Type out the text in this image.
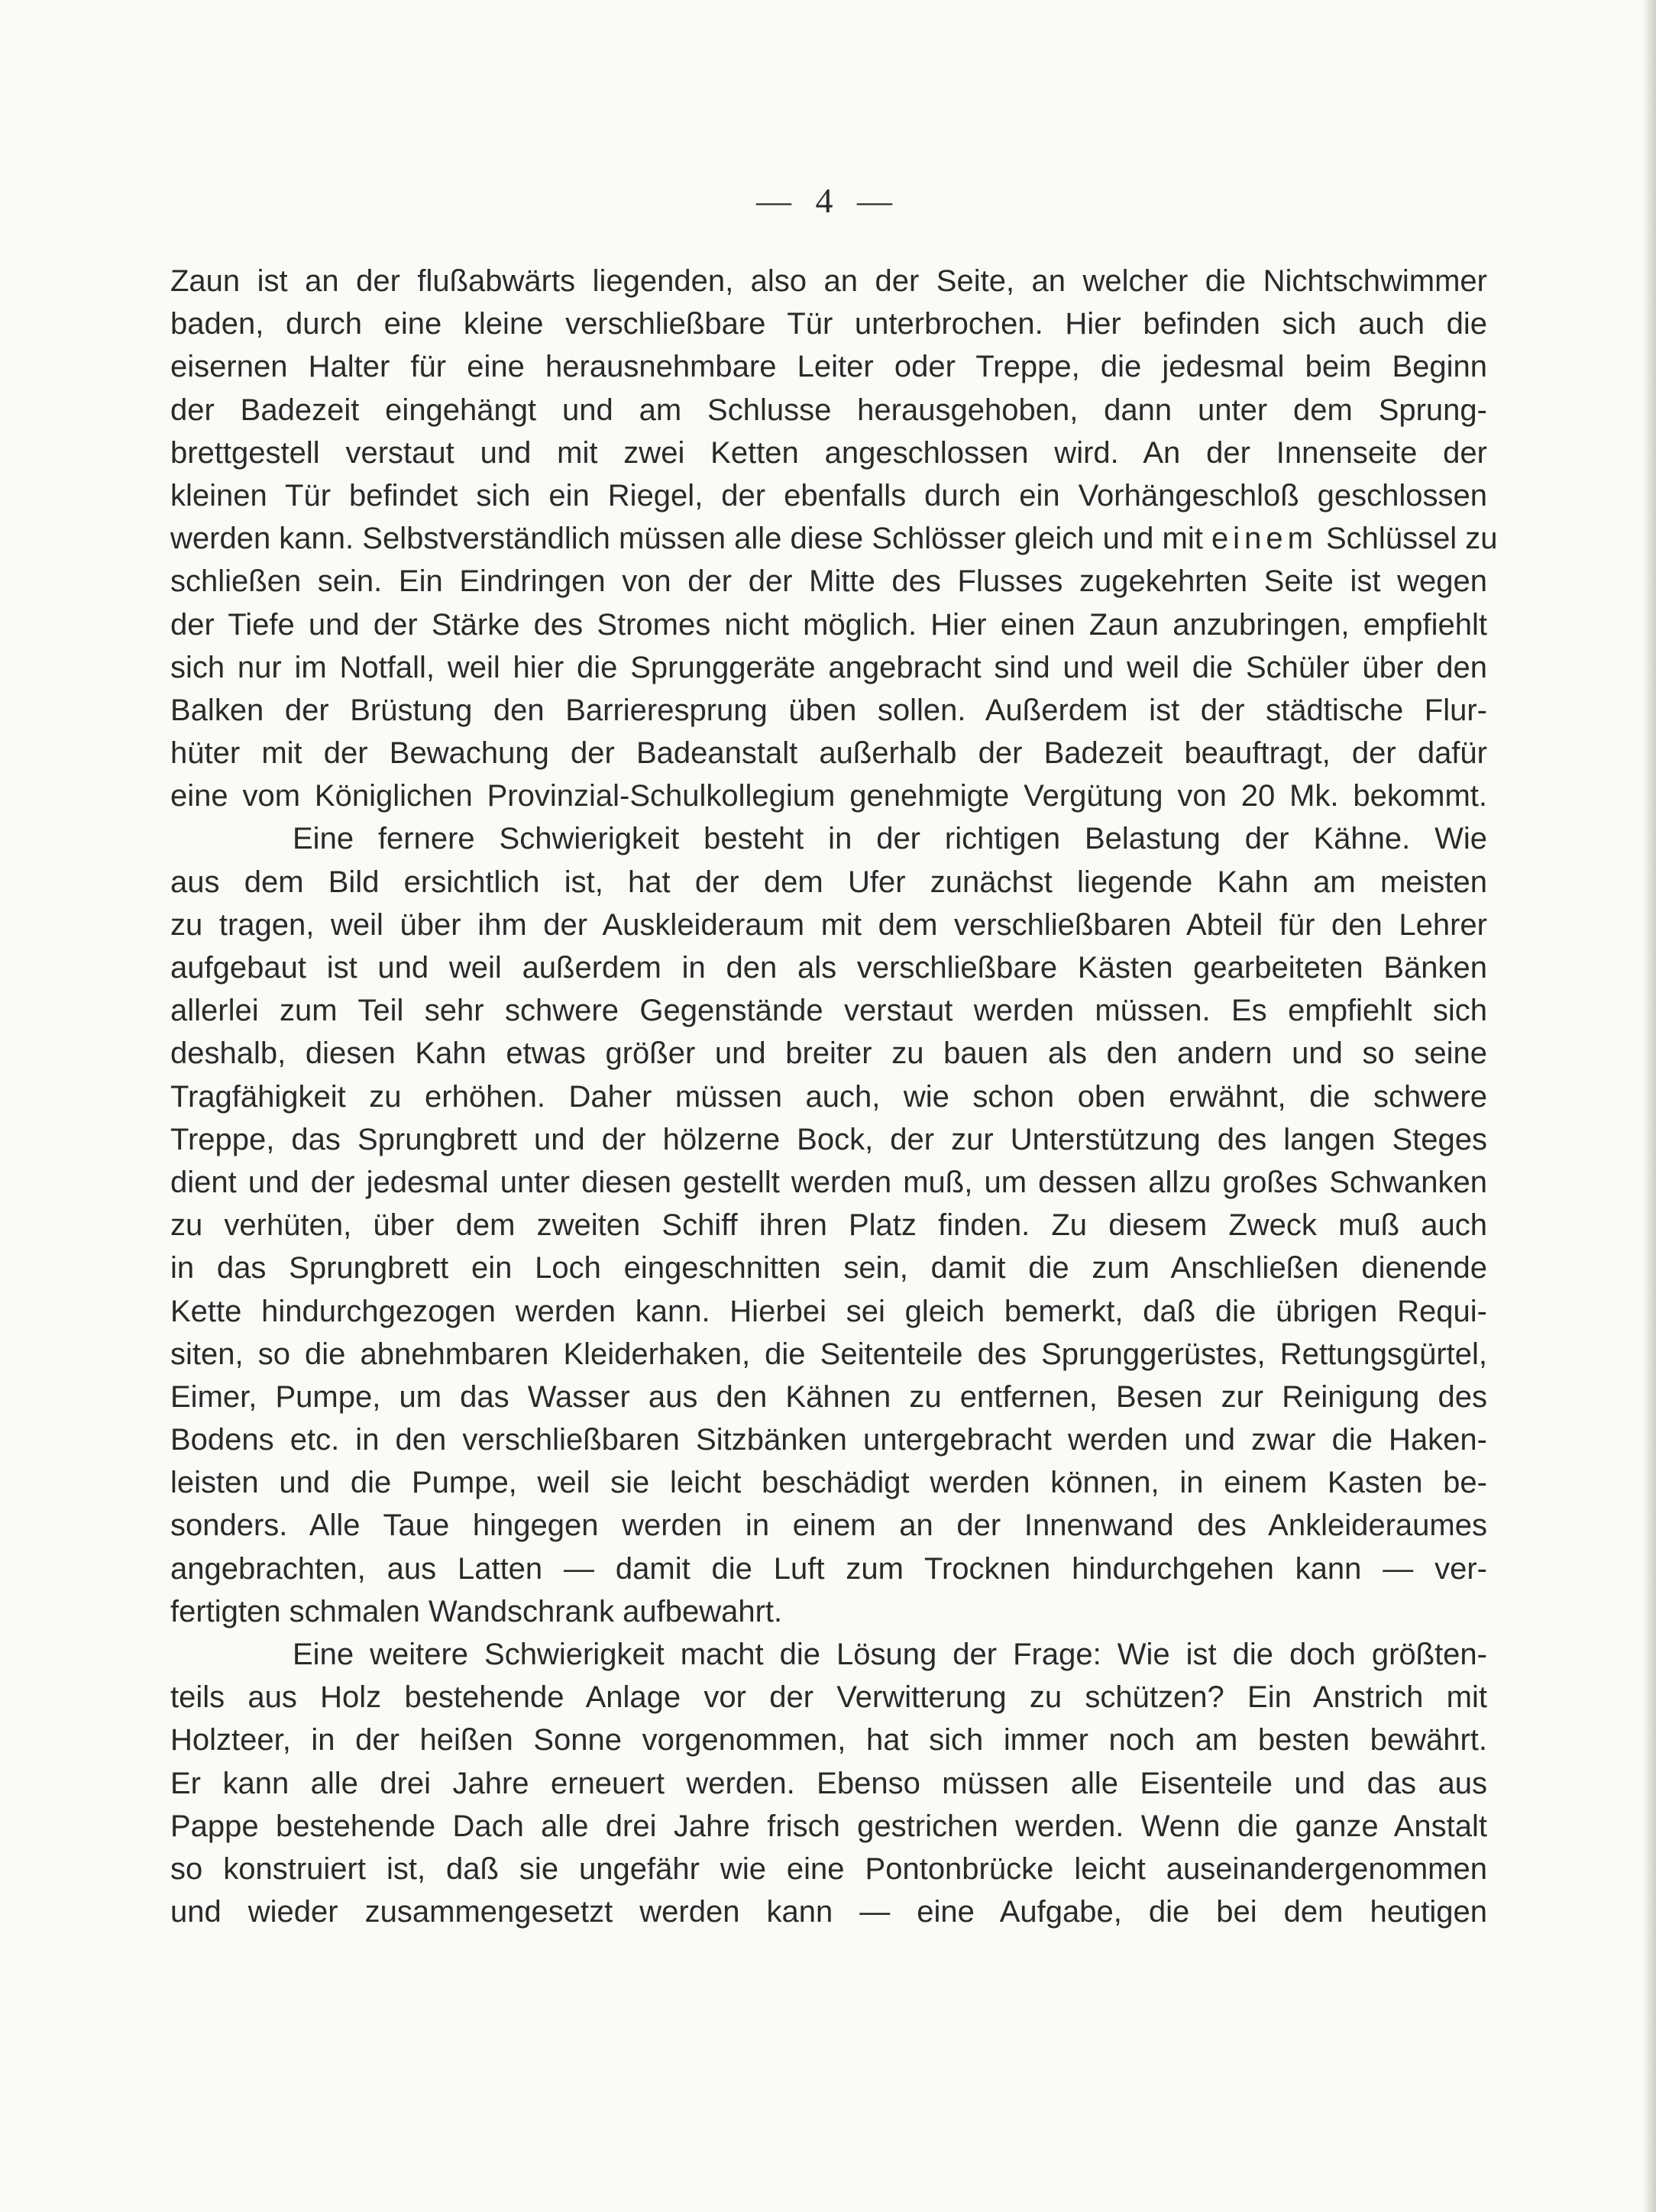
— 4 —
Zaun ist an der flußabwärts liegenden, also an der Seite, an welcher die Nichtschwimmer
baden, durch eine kleine verschließbare Tür unterbrochen. Hier befinden sich auch die
eisernen Halter für eine herausnehmbare Leiter oder Treppe, die jedesmal beim Beginn
der Badezeit eingehängt und am Schlusse herausgehoben, dann unter dem Sprung-
brettgestell verstaut und mit zwei Ketten angeschlossen wird. An der Innenseite der
kleinen Tür befindet sich ein Riegel, der ebenfalls durch ein Vorhängeschloß geschlossen
werden kann. Selbstverständlich müssen alle diese Schlösser gleich und mit einem Schlüssel zu
schließen sein. Ein Eindringen von der der Mitte des Flusses zugekehrten Seite ist wegen
der Tiefe und der Stärke des Stromes nicht möglich. Hier einen Zaun anzubringen, empfiehlt
sich nur im Notfall, weil hier die Sprunggeräte angebracht sind und weil die Schüler über den
Balken der Brüstung den Barrieresprung üben sollen. Außerdem ist der städtische Flur-
hüter mit der Bewachung der Badeanstalt außerhalb der Badezeit beauftragt, der dafür
eine vom Königlichen Provinzial-Schulkollegium genehmigte Vergütung von 20 Mk. bekommt.
Eine fernere Schwierigkeit besteht in der richtigen Belastung der Kähne. Wie
aus dem Bild ersichtlich ist, hat der dem Ufer zunächst liegende Kahn am meisten
zu tragen, weil über ihm der Auskleideraum mit dem verschließbaren Abteil für den Lehrer
aufgebaut ist und weil außerdem in den als verschließbare Kästen gearbeiteten Bänken
allerlei zum Teil sehr schwere Gegenstände verstaut werden müssen. Es empfiehlt sich
deshalb, diesen Kahn etwas größer und breiter zu bauen als den andern und so seine
Tragfähigkeit zu erhöhen. Daher müssen auch, wie schon oben erwähnt, die schwere
Treppe, das Sprungbrett und der hölzerne Bock, der zur Unterstützung des langen Steges
dient und der jedesmal unter diesen gestellt werden muß, um dessen allzu großes Schwanken
zu verhüten, über dem zweiten Schiff ihren Platz finden. Zu diesem Zweck muß auch
in das Sprungbrett ein Loch eingeschnitten sein, damit die zum Anschließen dienende
Kette hindurchgezogen werden kann. Hierbei sei gleich bemerkt, daß die übrigen Requi-
siten, so die abnehmbaren Kleiderhaken, die Seitenteile des Sprunggerüstes, Rettungsgürtel,
Eimer, Pumpe, um das Wasser aus den Kähnen zu entfernen, Besen zur Reinigung des
Bodens etc. in den verschließbaren Sitzbänken untergebracht werden und zwar die Haken-
leisten und die Pumpe, weil sie leicht beschädigt werden können, in einem Kasten be-
sonders. Alle Taue hingegen werden in einem an der Innenwand des Ankleideraumes
angebrachten, aus Latten — damit die Luft zum Trocknen hindurchgehen kann — ver-
fertigten schmalen Wandschrank aufbewahrt.
Eine weitere Schwierigkeit macht die Lösung der Frage: Wie ist die doch größten-
teils aus Holz bestehende Anlage vor der Verwitterung zu schützen? Ein Anstrich mit
Holzteer, in der heißen Sonne vorgenommen, hat sich immer noch am besten bewährt.
Er kann alle drei Jahre erneuert werden. Ebenso müssen alle Eisenteile und das aus
Pappe bestehende Dach alle drei Jahre frisch gestrichen werden. Wenn die ganze Anstalt
so konstruiert ist, daß sie ungefähr wie eine Pontonbrücke leicht auseinandergenommen
und wieder zusammengesetzt werden kann — eine Aufgabe, die bei dem heutigen
